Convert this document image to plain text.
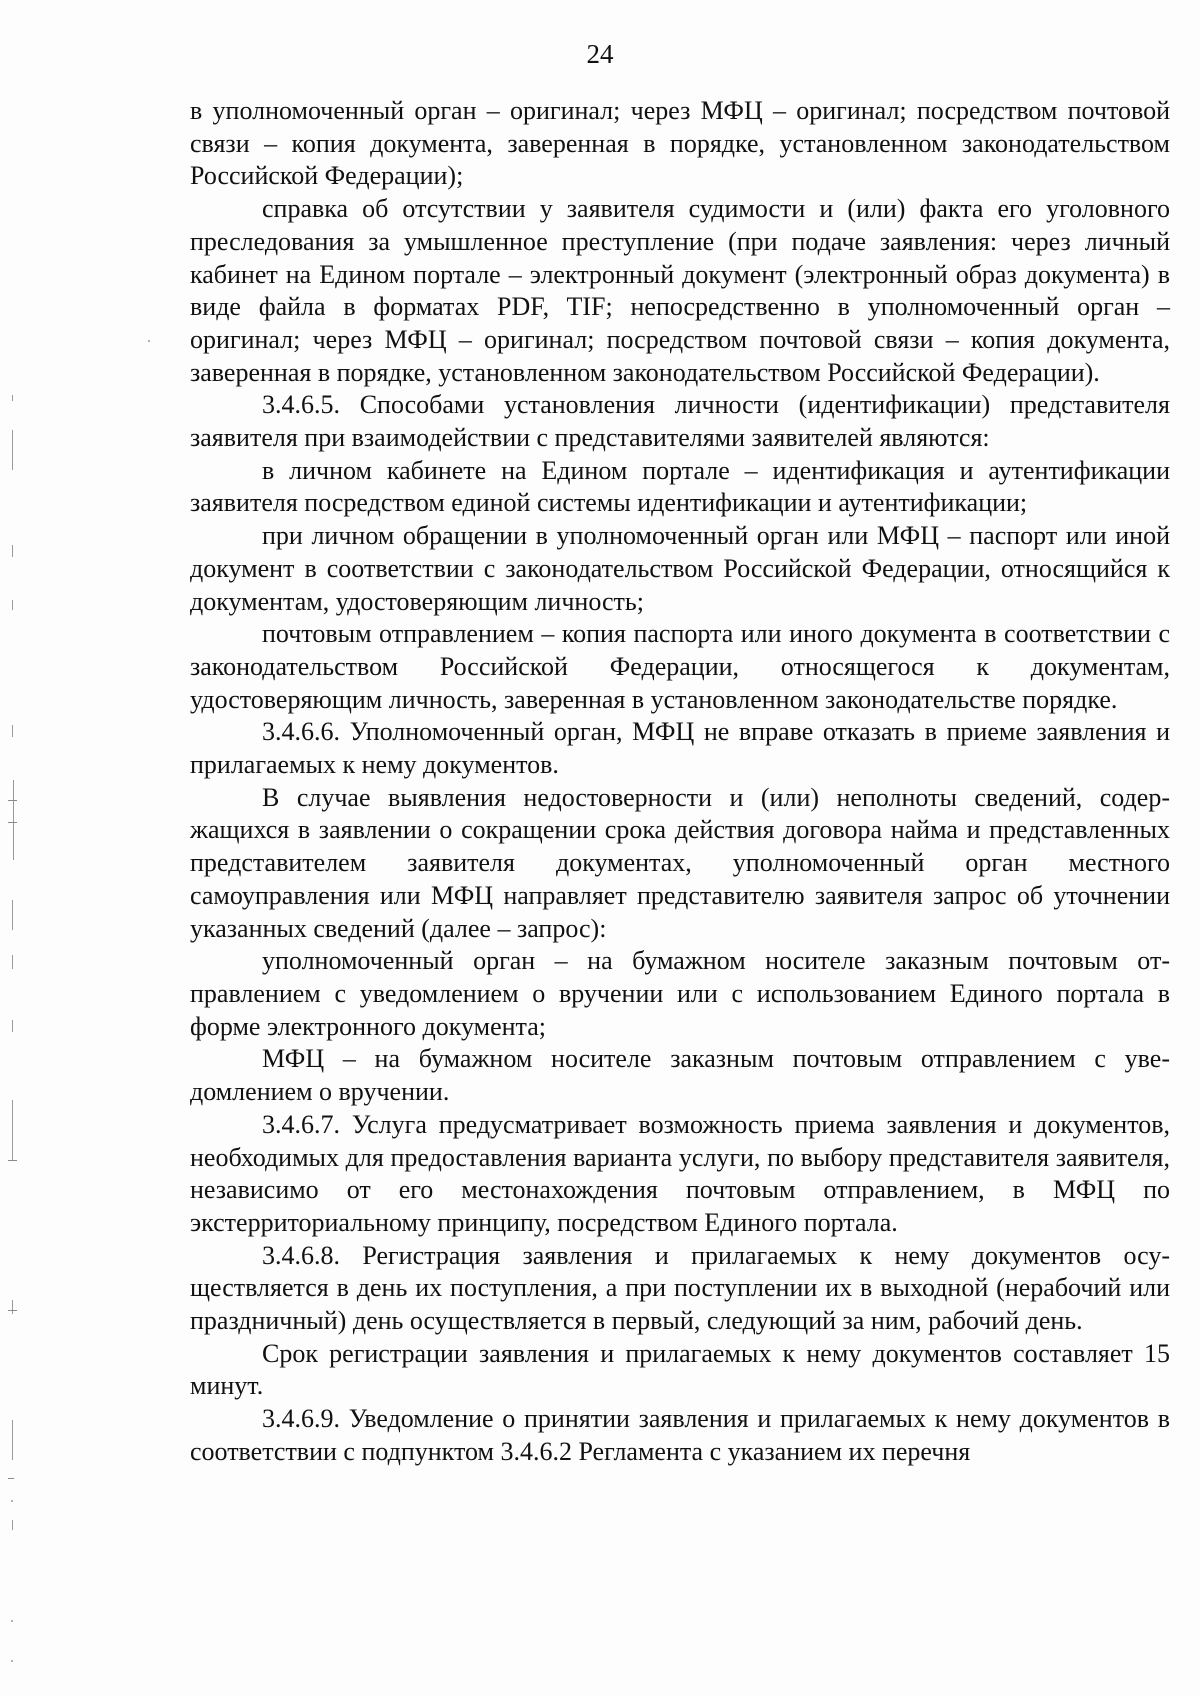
24

в уполномоченный орган – оригинал; через МФЦ – оригинал; посредством почтовой связи – копия документа, заверенная в порядке, установленном законодательством Российской Федерации);

справка об отсутствии у заявителя судимости и (или) факта его уголовного преследования за умышленное преступление (при подаче заявления: через личный кабинет на Едином портале – электронный документ (электронный образ документа) в виде файла в форматах PDF, TIF; непосредственно в уполномоченный орган – оригинал; через МФЦ – оригинал; посредством почтовой связи – копия документа, заверенная в порядке, установленном законодательством Российской Федерации).

3.4.6.5. Способами установления личности (идентификации) представителя заявителя при взаимодействии с представителями заявителей являются:

в личном кабинете на Едином портале – идентификация и аутентификации заявителя посредством единой системы идентификации и аутентификации;

при личном обращении в уполномоченный орган или МФЦ – паспорт или иной документ в соответствии с законодательством Российской Федерации, относящийся к документам, удостоверяющим личность;

почтовым отправлением – копия паспорта или иного документа в соответствии с законодательством Российской Федерации, относящегося к документам, удостоверяющим личность, заверенная в установленном законодательстве порядке.

3.4.6.6. Уполномоченный орган, МФЦ не вправе отказать в приеме заявления и прилагаемых к нему документов.

В случае выявления недостоверности и (или) неполноты сведений, содержащихся в заявлении о сокращении срока действия договора найма и представленных представителем заявителя документах, уполномоченный орган местного самоуправления или МФЦ направляет представителю заявителя запрос об уточнении указанных сведений (далее – запрос):

уполномоченный орган – на бумажном носителе заказным почтовым отправлением с уведомлением о вручении или с использованием Единого портала в форме электронного документа;

МФЦ – на бумажном носителе заказным почтовым отправлением с уведомлением о вручении.

3.4.6.7. Услуга предусматривает возможность приема заявления и документов, необходимых для предоставления варианта услуги, по выбору представителя заявителя, независимо от его местонахождения почтовым отправлением, в МФЦ по экстерриториальному принципу, посредством Единого портала.

3.4.6.8. Регистрация заявления и прилагаемых к нему документов осуществляется в день их поступления, а при поступлении их в выходной (нерабочий или праздничный) день осуществляется в первый, следующий за ним, рабочий день.

Срок регистрации заявления и прилагаемых к нему документов составляет 15 минут.

3.4.6.9. Уведомление о принятии заявления и прилагаемых к нему документов в соответствии с подпунктом 3.4.6.2 Регламента с указанием их перечня
